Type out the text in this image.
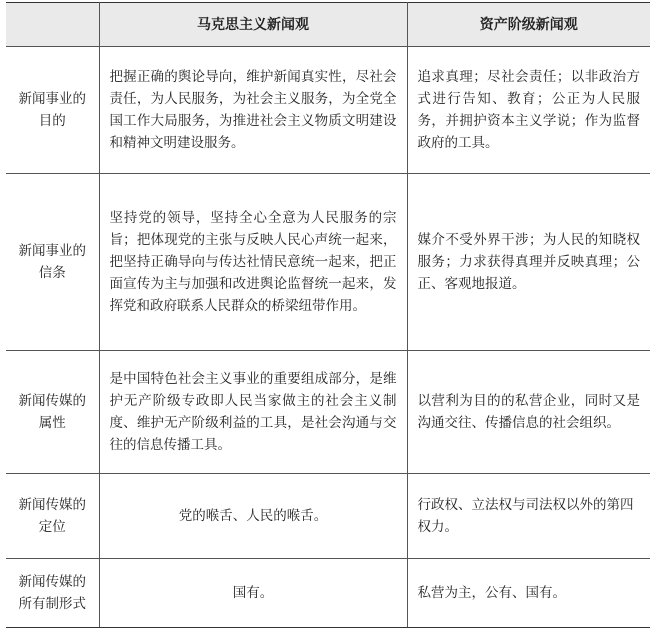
	马克思主义新闻观	资产阶级新闻观
新闻事业的目的	把握正确的舆论导向，维护新闻真实性，尽社会责任，为人民服务，为社会主义服务，为全党全国工作大局服务，为推进社会主义物质文明建设和精神文明建设服务。	追求真理；尽社会责任；以非政治方式进行告知、教育；公正为人民服务，并拥护资本主义学说；作为监督政府的工具。
新闻事业的信条	坚持党的领导，坚持全心全意为人民服务的宗旨；把体现党的主张与反映人民心声统一起来，把坚持正确导向与传达社情民意统一起来，把正面宣传为主与加强和改进舆论监督统一起来，发挥党和政府联系人民群众的桥梁纽带作用。	媒介不受外界干涉；为人民的知晓权服务；力求获得真理并反映真理；公正、客观地报道。
新闻传媒的属性	是中国特色社会主义事业的重要组成部分，是维护无产阶级专政即人民当家做主的社会主义制度、维护无产阶级利益的工具，是社会沟通与交往的信息传播工具。	以营利为目的的私营企业，同时又是沟通交往、传播信息的社会组织。
新闻传媒的定位	党的喉舌、人民的喉舌。	行政权、立法权与司法权以外的第四权力。
新闻传媒的所有制形式	国有。	私营为主，公有、国有。
